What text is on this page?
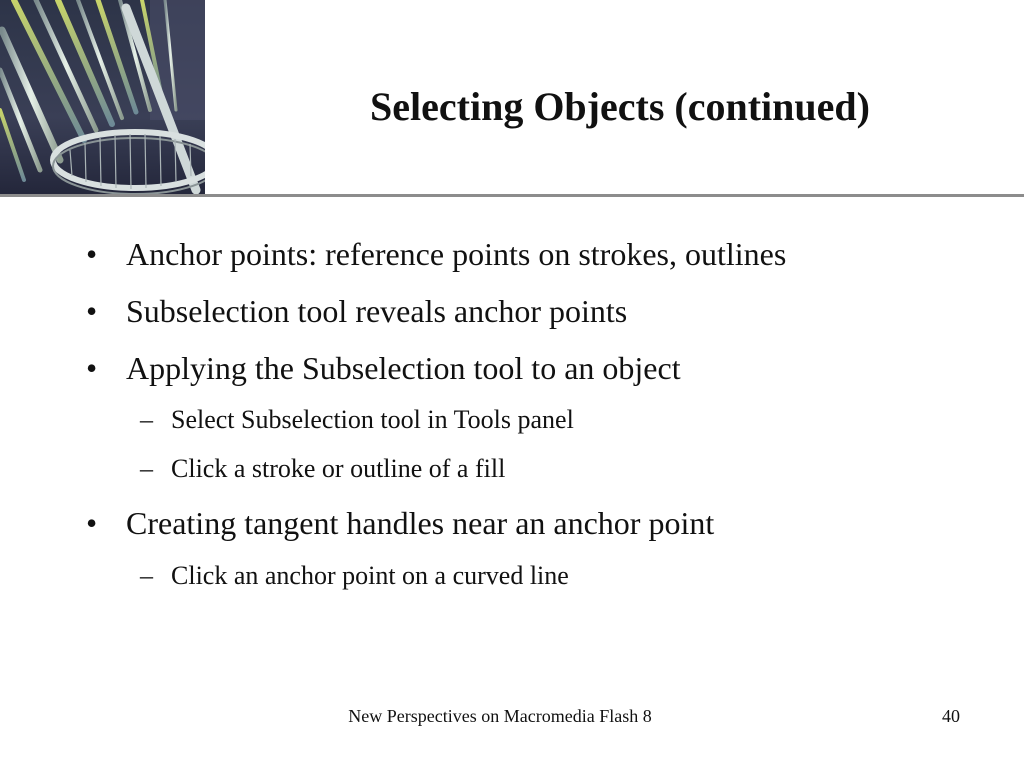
Selecting Objects (continued)
• Anchor points: reference points on strokes, outlines
• Subselection tool reveals anchor points
• Applying the Subselection tool to an object
– Select Subselection tool in Tools panel
– Click a stroke or outline of a fill
• Creating tangent handles near an anchor point
– Click an anchor point on a curved line
New Perspectives on Macromedia Flash 8	40
